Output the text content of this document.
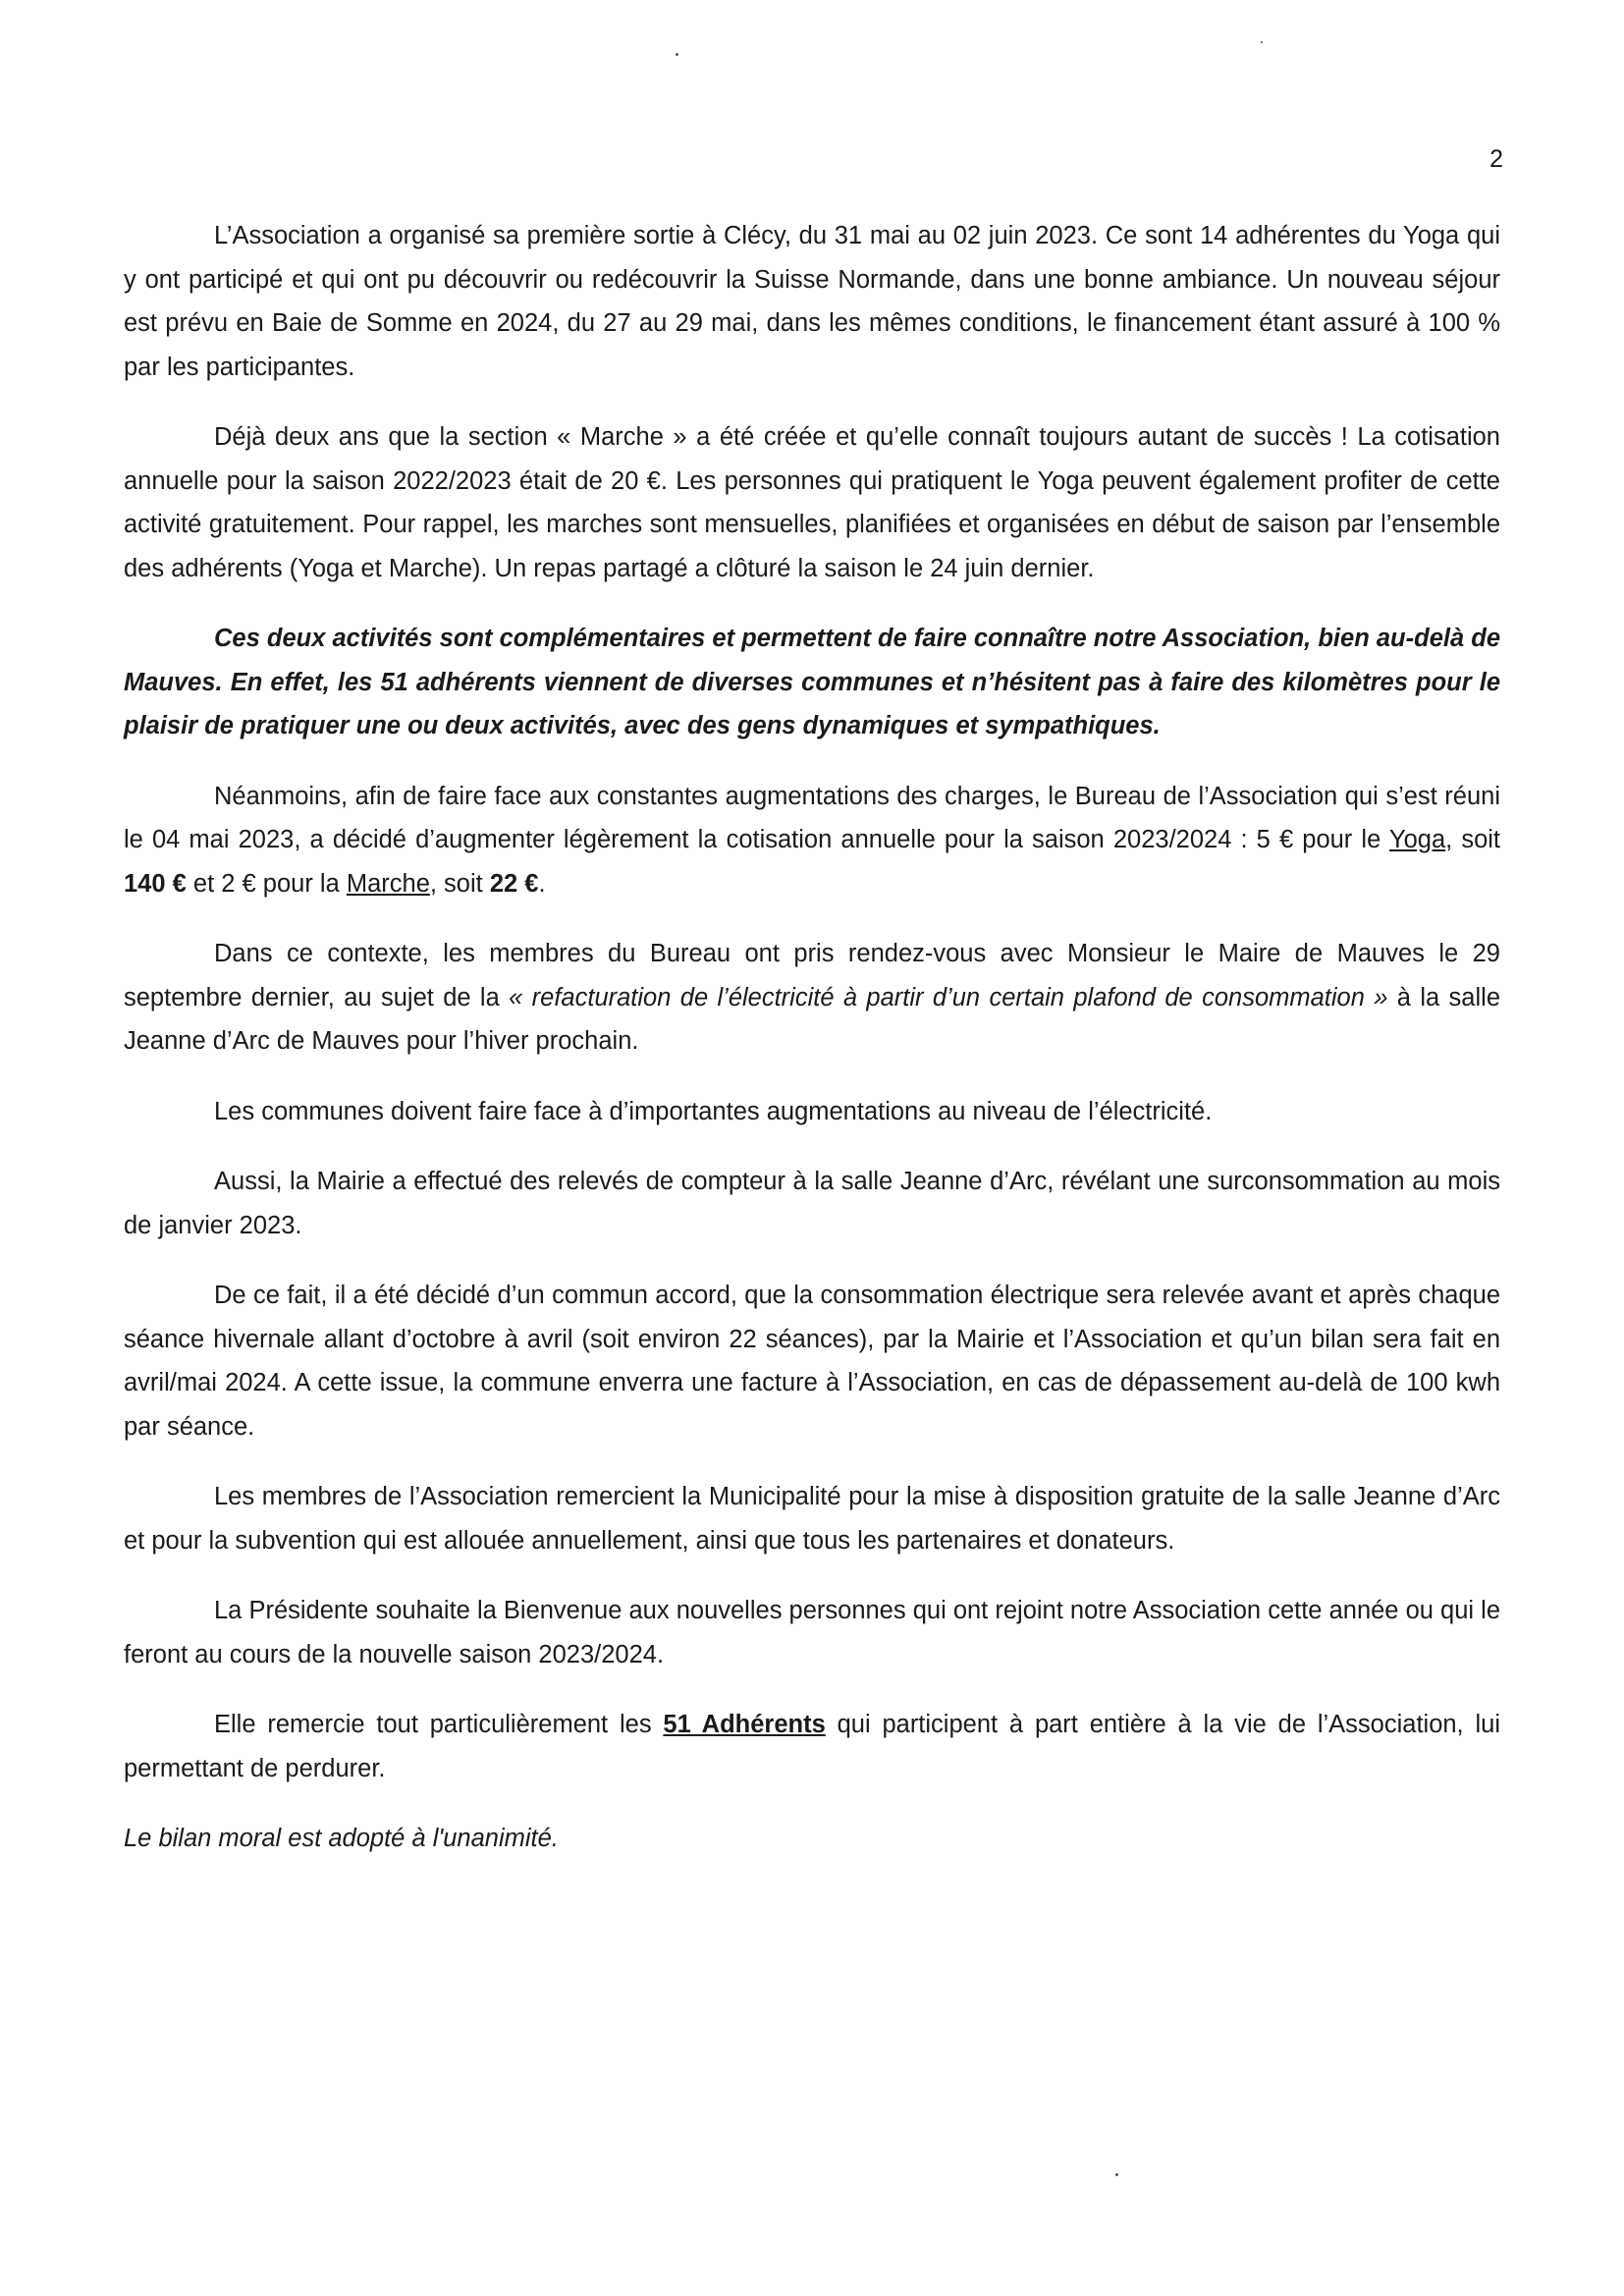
2

L’Association a organisé sa première sortie à Clécy, du 31 mai au 02 juin 2023. Ce sont 14 adhérentes du Yoga qui y ont participé et qui ont pu découvrir ou redécouvrir la Suisse Normande, dans une bonne ambiance. Un nouveau séjour est prévu en Baie de Somme en 2024, du 27 au 29 mai, dans les mêmes conditions, le financement étant assuré à 100 % par les participantes.

Déjà deux ans que la section « Marche » a été créée et qu’elle connaît toujours autant de succès ! La cotisation annuelle pour la saison 2022/2023 était de 20 €. Les personnes qui pratiquent le Yoga peuvent également profiter de cette activité gratuitement. Pour rappel, les marches sont mensuelles, planifiées et organisées en début de saison par l’ensemble des adhérents (Yoga et Marche). Un repas partagé a clôturé la saison le 24 juin dernier.

Ces deux activités sont complémentaires et permettent de faire connaître notre Association, bien au-delà de Mauves. En effet, les 51 adhérents viennent de diverses communes et n’hésitent pas à faire des kilomètres pour le plaisir de pratiquer une ou deux activités, avec des gens dynamiques et sympathiques.

Néanmoins, afin de faire face aux constantes augmentations des charges, le Bureau de l’Association qui s’est réuni le 04 mai 2023, a décidé d’augmenter légèrement la cotisation annuelle pour la saison 2023/2024 : 5 € pour le Yoga, soit 140 € et 2 € pour la Marche, soit 22 €.

Dans ce contexte, les membres du Bureau ont pris rendez-vous avec Monsieur le Maire de Mauves le 29 septembre dernier, au sujet de la « refacturation de l’électricité à partir d’un certain plafond de consommation » à la salle Jeanne d’Arc de Mauves pour l’hiver prochain.

Les communes doivent faire face à d’importantes augmentations au niveau de l’électricité.

Aussi, la Mairie a effectué des relevés de compteur à la salle Jeanne d’Arc, révélant une surconsommation au mois de janvier 2023.

De ce fait, il a été décidé d’un commun accord, que la consommation électrique sera relevée avant et après chaque séance hivernale allant d’octobre à avril (soit environ 22 séances), par la Mairie et l’Association et qu’un bilan sera fait en avril/mai 2024. A cette issue, la commune enverra une facture à l’Association, en cas de dépassement au-delà de 100 kwh par séance.

Les membres de l’Association remercient la Municipalité pour la mise à disposition gratuite de la salle Jeanne d’Arc et pour la subvention qui est allouée annuellement, ainsi que tous les partenaires et donateurs.

La Présidente souhaite la Bienvenue aux nouvelles personnes qui ont rejoint notre Association cette année ou qui le feront au cours de la nouvelle saison 2023/2024.

Elle remercie tout particulièrement les 51 Adhérents qui participent à part entière à la vie de l’Association, lui permettant de perdurer.

Le bilan moral est adopté à l'unanimité.
